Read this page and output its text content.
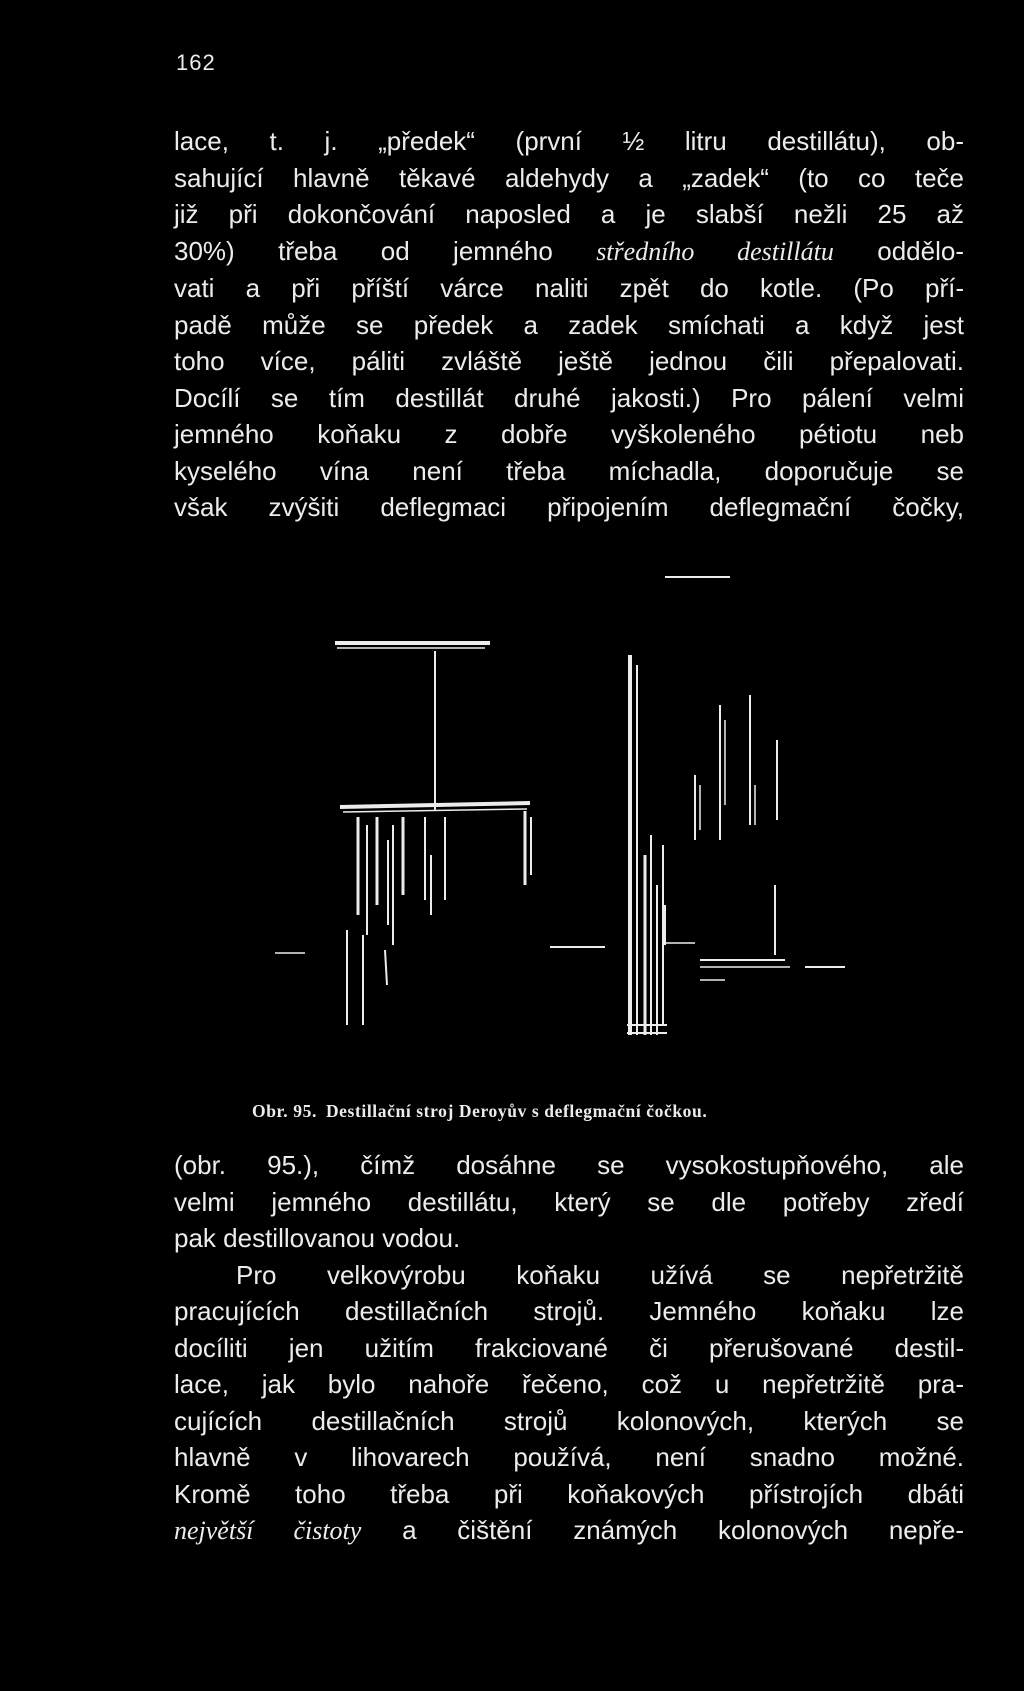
162
lace, t. j. „předek“ (první ½ litru destillátu), ob-
sahující hlavně těkavé aldehydy a „zadek“ (to co teče
již při dokončování naposled a je slabší nežli 25 až
30%) třeba od jemného středního destillátu oddělo-
vati a při příští várce naliti zpět do kotle. (Po pří-
padě může se předek a zadek smíchati a když jest
toho více, páliti zvláště ještě jednou čili přepalovati.
Docílí se tím destillát druhé jakosti.) Pro pálení velmi
jemného koňaku z dobře vyškoleného pétiotu neb
kyselého vína není třeba míchadla, doporučuje se
však zvýšiti deflegmaci připojením deflegmační čočky,
Obr. 95. Destillační stroj Deroyův s deflegmační čočkou.
(obr. 95.), čímž dosáhne se vysokostupňového, ale
velmi jemného destillátu, který se dle potřeby zředí
pak destillovanou vodou.
Pro velkovýrobu koňaku užívá se nepřetržitě
pracujících destillačních strojů. Jemného koňaku lze
docíliti jen užitím frakciované či přerušované destil-
lace, jak bylo nahoře řečeno, což u nepřetržitě pra-
cujících destillačních strojů kolonových, kterých se
hlavně v lihovarech používá, není snadno možné.
Kromě toho třeba při koňakových přístrojích dbáti
největší čistoty a čištění známých kolonových nepře-
